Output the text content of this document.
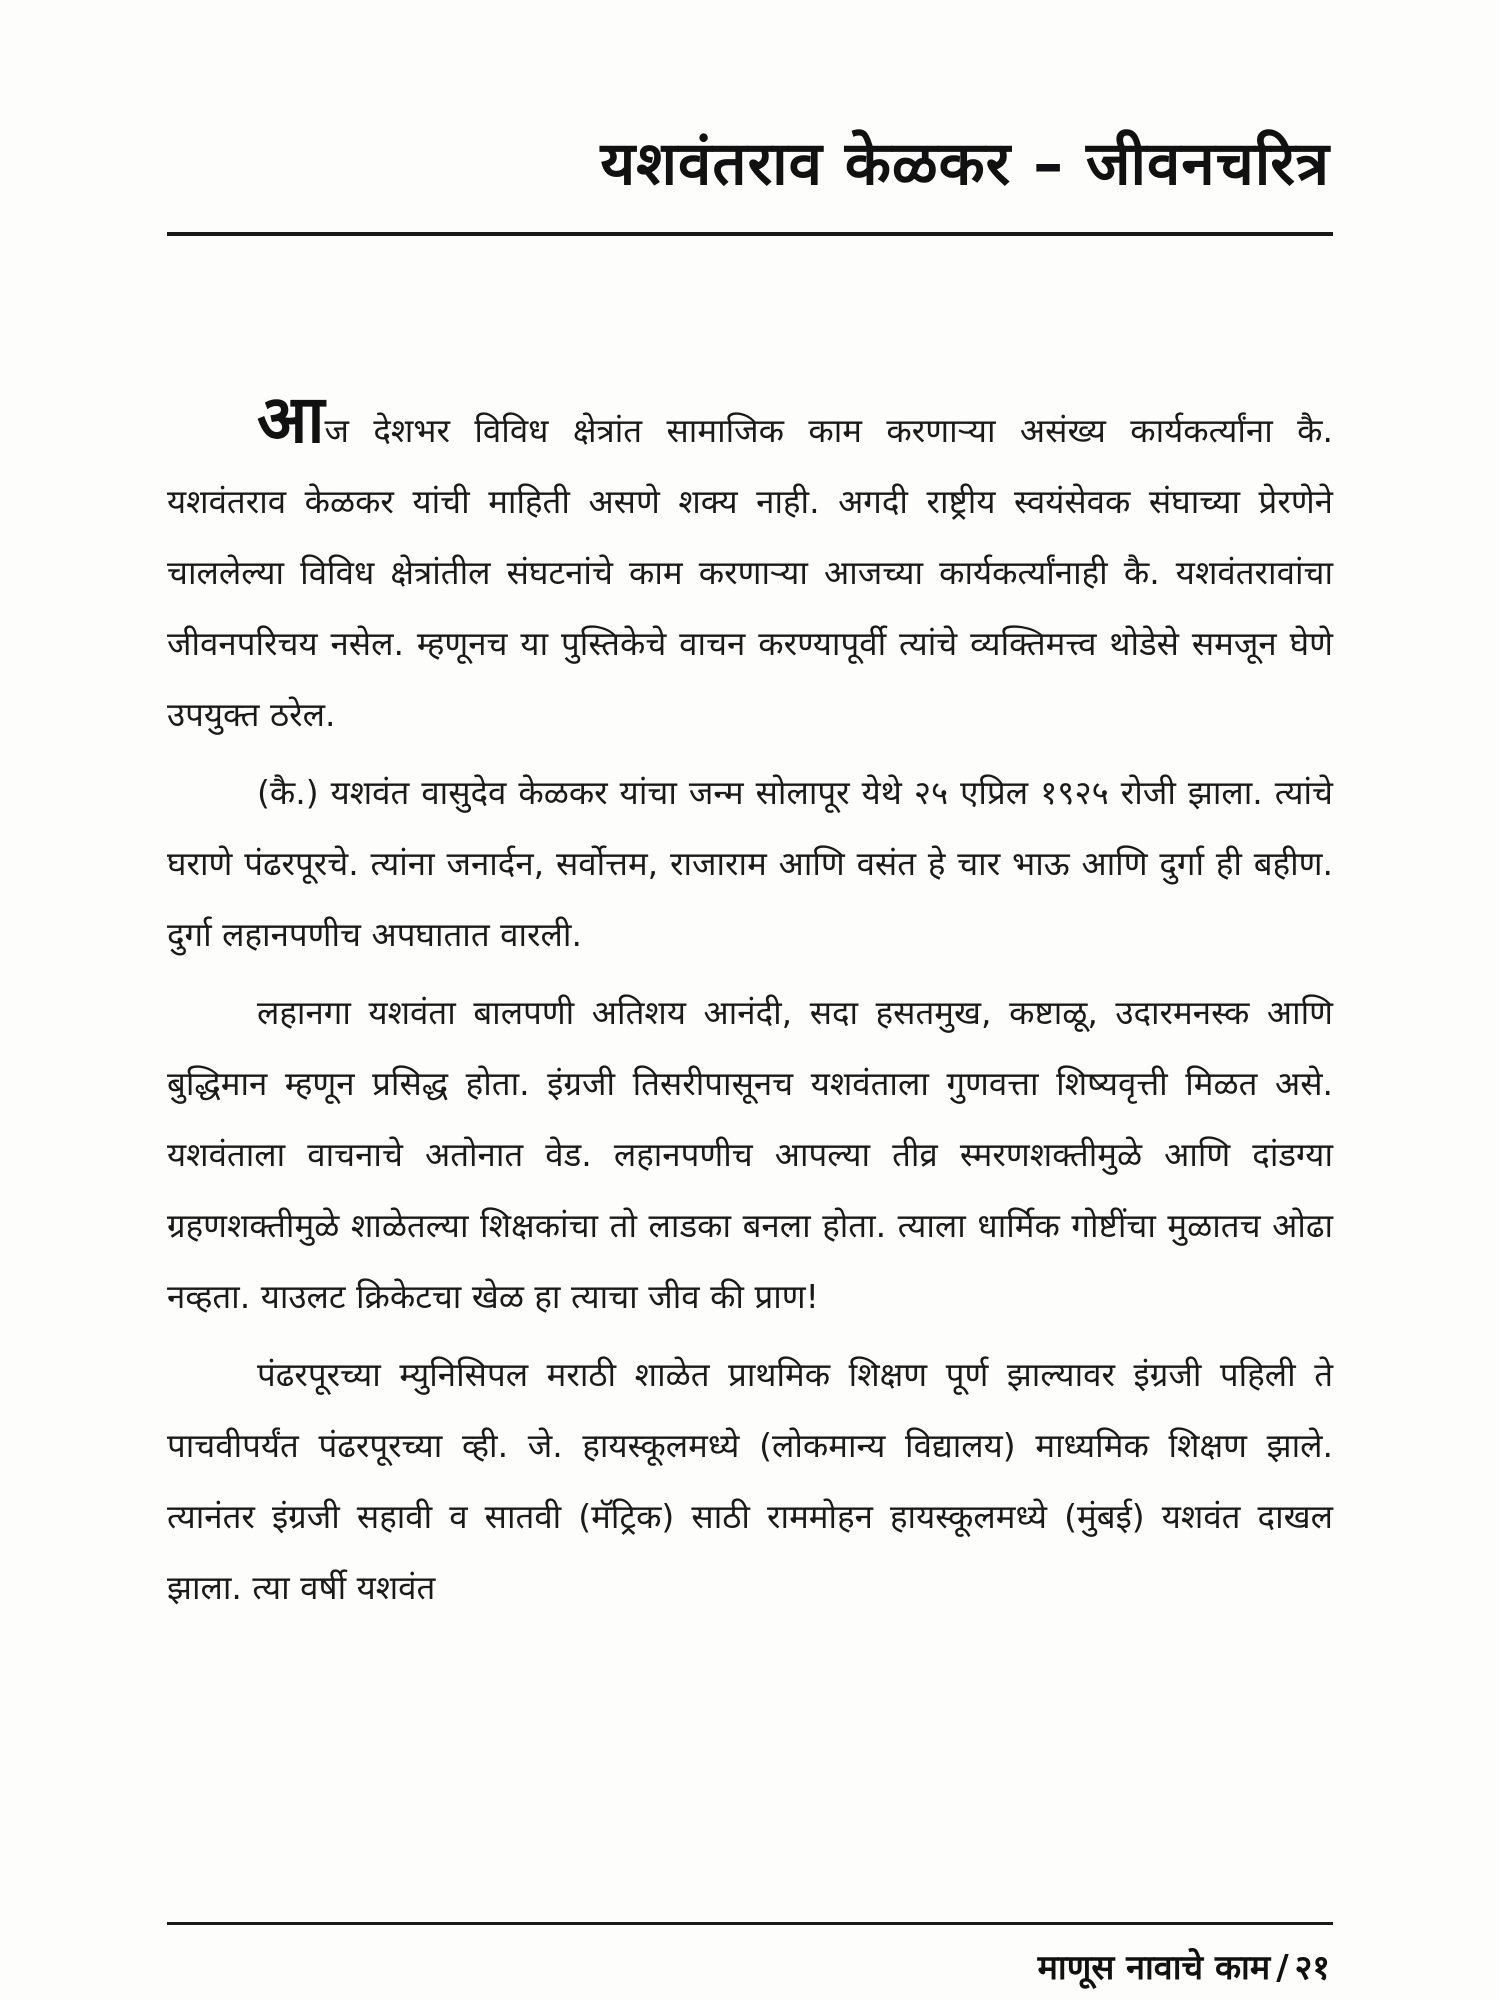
यशवंतराव केळकर – जीवनचरित्र

आज देशभर विविध क्षेत्रांत सामाजिक काम करणाऱ्या असंख्य कार्यकर्त्यांना कै. यशवंतराव केळकर यांची माहिती असणे शक्य नाही. अगदी राष्ट्रीय स्वयंसेवक संघाच्या प्रेरणेने चाललेल्या विविध क्षेत्रांतील संघटनांचे काम करणाऱ्या आजच्या कार्यकर्त्यांनाही कै. यशवंतरावांचा जीवनपरिचय नसेल. म्हणूनच या पुस्तिकेचे वाचन करण्यापूर्वी त्यांचे व्यक्तिमत्त्व थोडेसे समजून घेणे उपयुक्त ठरेल.

(कै.) यशवंत वासुदेव केळकर यांचा जन्म सोलापूर येथे २५ एप्रिल १९२५ रोजी झाला. त्यांचे घराणे पंढरपूरचे. त्यांना जनार्दन, सर्वोत्तम, राजाराम आणि वसंत हे चार भाऊ आणि दुर्गा ही बहीण. दुर्गा लहानपणीच अपघातात वारली.

लहानगा यशवंता बालपणी अतिशय आनंदी, सदा हसतमुख, कष्टाळू, उदारमनस्क आणि बुद्धिमान म्हणून प्रसिद्ध होता. इंग्रजी तिसरीपासूनच यशवंताला गुणवत्ता शिष्यवृत्ती मिळत असे. यशवंताला वाचनाचे अतोनात वेड. लहानपणीच आपल्या तीव्र स्मरणशक्तीमुळे आणि दांडग्या ग्रहणशक्तीमुळे शाळेतल्या शिक्षकांचा तो लाडका बनला होता. त्याला धार्मिक गोष्टींचा मुळातच ओढा नव्हता. याउलट क्रिकेटचा खेळ हा त्याचा जीव की प्राण!

पंढरपूरच्या म्युनिसिपल मराठी शाळेत प्राथमिक शिक्षण पूर्ण झाल्यावर इंग्रजी पहिली ते पाचवीपर्यंत पंढरपूरच्या व्ही. जे. हायस्कूलमध्ये (लोकमान्य विद्यालय) माध्यमिक शिक्षण झाले. त्यानंतर इंग्रजी सहावी व सातवी (मॅट्रिक) साठी राममोहन हायस्कूलमध्ये (मुंबई) यशवंत दाखल झाला. त्या वर्षी यशवंत

माणूस नावाचे काम / २१
